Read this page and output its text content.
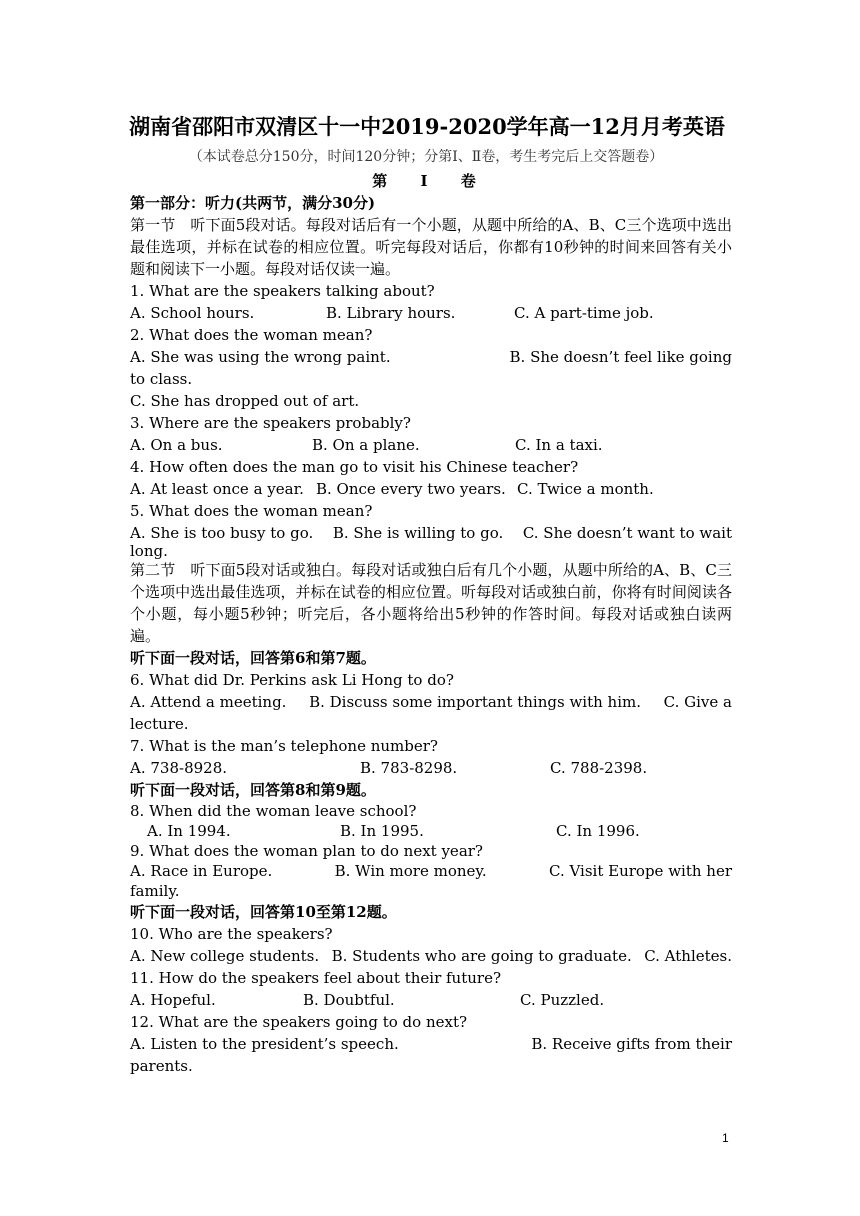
湖南省邵阳市双清区十一中2019-2020学年高一12月月考英语
（本试卷总分150分，时间120分钟；分第Ⅰ、Ⅱ卷，考生考完后上交答题卷）
第 Ⅰ 卷
第一部分：听力(共两节，满分30分)
第一节　听下面5段对话。每段对话后有一个小题，从题中所给的A、B、C三个选项中选出最佳选项，并标在试卷的相应位置。听完每段对话后，你都有10秒钟的时间来回答有关小题和阅读下一小题。每段对话仅读一遍。
1. What are the speakers talking about?
A. School hours.	B. Library hours.	C. A part-time job.
2. What does the woman mean?
A. She was using the wrong paint.	B. She doesn’t feel like going
to class.
C. She has dropped out of art.
3. Where are the speakers probably?
A. On a bus.	B. On a plane.	C. In a taxi.
4. How often does the man go to visit his Chinese teacher?
A. At least once a year. B. Once every two years. C. Twice a month.
5. What does the woman mean?
A. She is too busy to go. B. She is willing to go. C. She doesn’t want to wait
long.
第二节　听下面5段对话或独白。每段对话或独白后有几个小题，从题中所给的A、B、C三个选项中选出最佳选项，并标在试卷的相应位置。听每段对话或独白前，你将有时间阅读各个小题，每小题5秒钟；听完后，各小题将给出5秒钟的作答时间。每段对话或独白读两遍。
听下面一段对话，回答第6和第7题。
6. What did Dr. Perkins ask Li Hong to do?
A. Attend a meeting. B. Discuss some important things with him. C. Give a
lecture.
7. What is the man’s telephone number?
A. 738-8928.	B. 783-8298.	C. 788-2398.
听下面一段对话，回答第8和第9题。
8. When did the woman leave school?
A. In 1994.	B. In 1995.	C. In 1996.
9. What does the woman plan to do next year?
A. Race in Europe.	B. Win more money.	C. Visit Europe with her
family.
听下面一段对话，回答第10至第12题。
10. Who are the speakers?
A. New college students. B. Students who are going to graduate. C. Athletes.
11. How do the speakers feel about their future?
A. Hopeful.	B. Doubtful.	C. Puzzled.
12. What are the speakers going to do next?
A. Listen to the president’s speech.	B. Receive gifts from their
parents.
1
